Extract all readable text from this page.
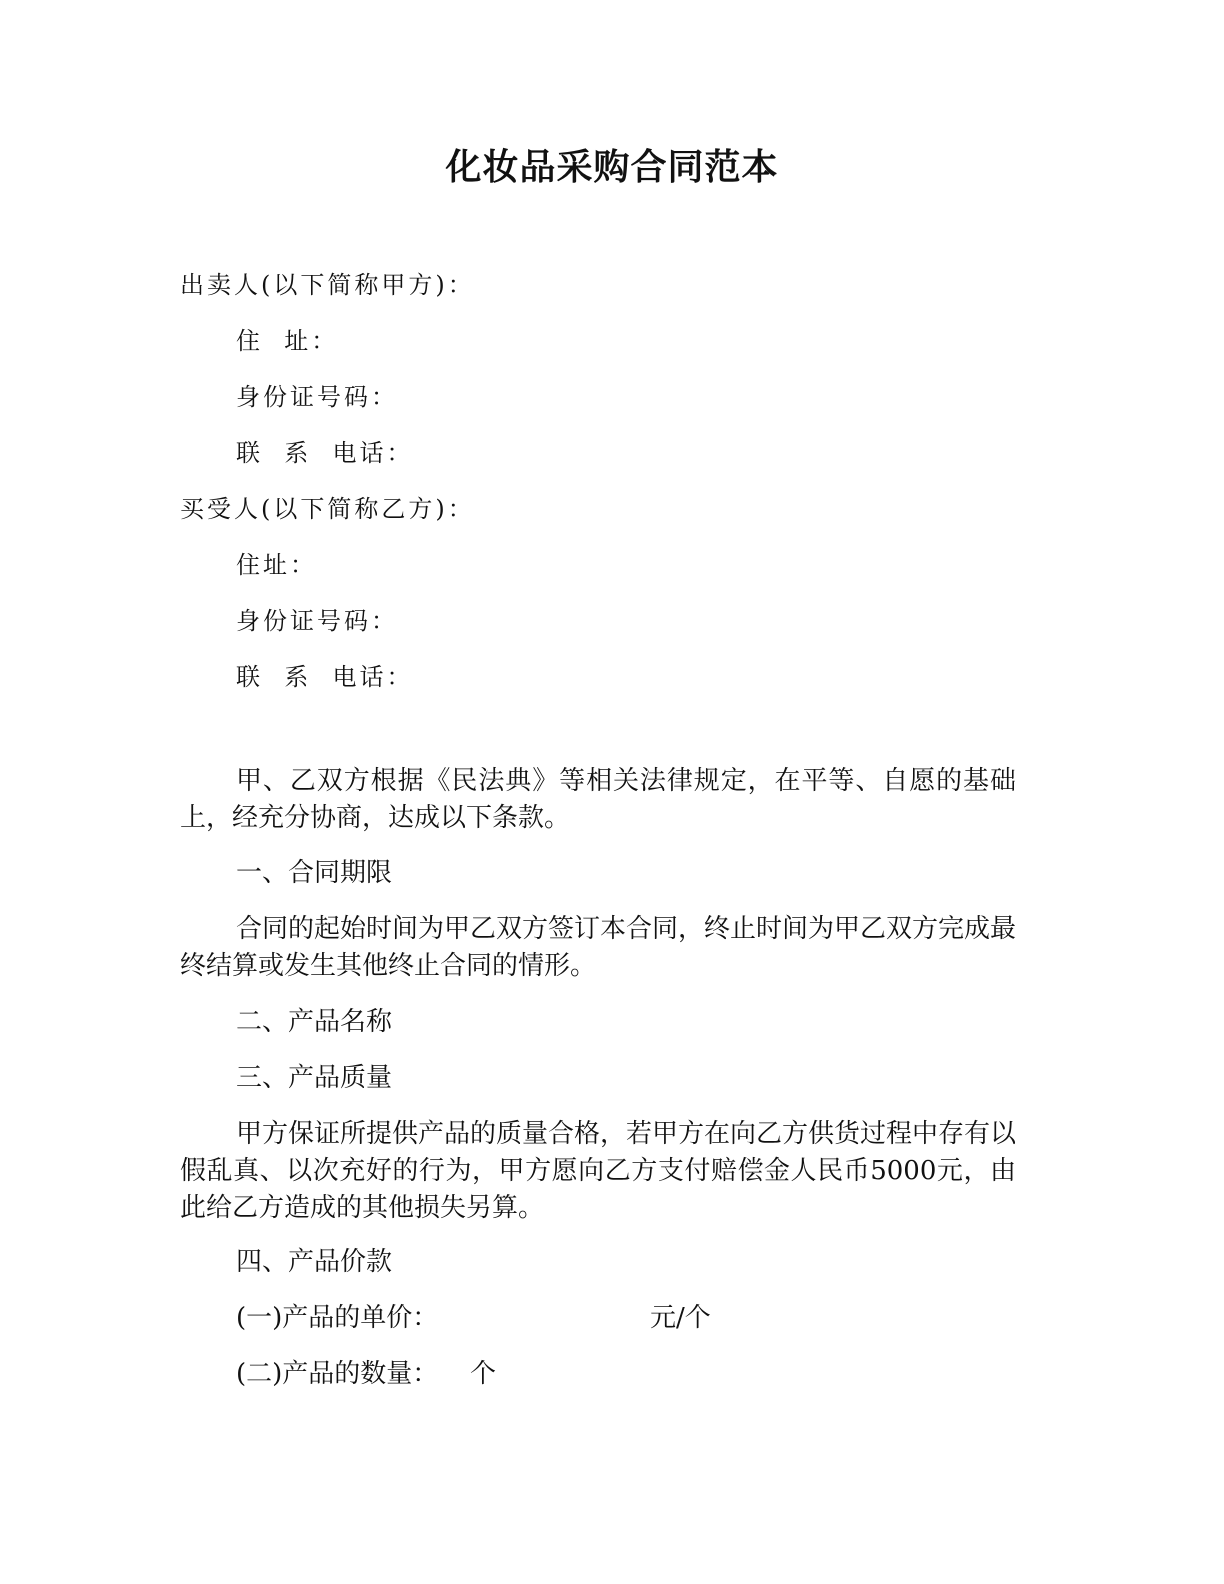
化妆品采购合同范本
出卖人(以下简称甲方)：
住  址：
身份证号码：
联  系  电话：
买受人(以下简称乙方)：
住址：
身份证号码：
联  系  电话：
甲、乙双方根据《民法典》等相关法律规定，在平等、自愿的基础上，经充分协商，达成以下条款。
一、合同期限
合同的起始时间为甲乙双方签订本合同，终止时间为甲乙双方完成最终结算或发生其他终止合同的情形。
二、产品名称
三、产品质量
甲方保证所提供产品的质量合格，若甲方在向乙方供货过程中存有以假乱真、以次充好的行为，甲方愿向乙方支付赔偿金人民币5000元，由此给乙方造成的其他损失另算。
四、产品价款
(一)产品的单价：	元/个
(二)产品的数量： 个
